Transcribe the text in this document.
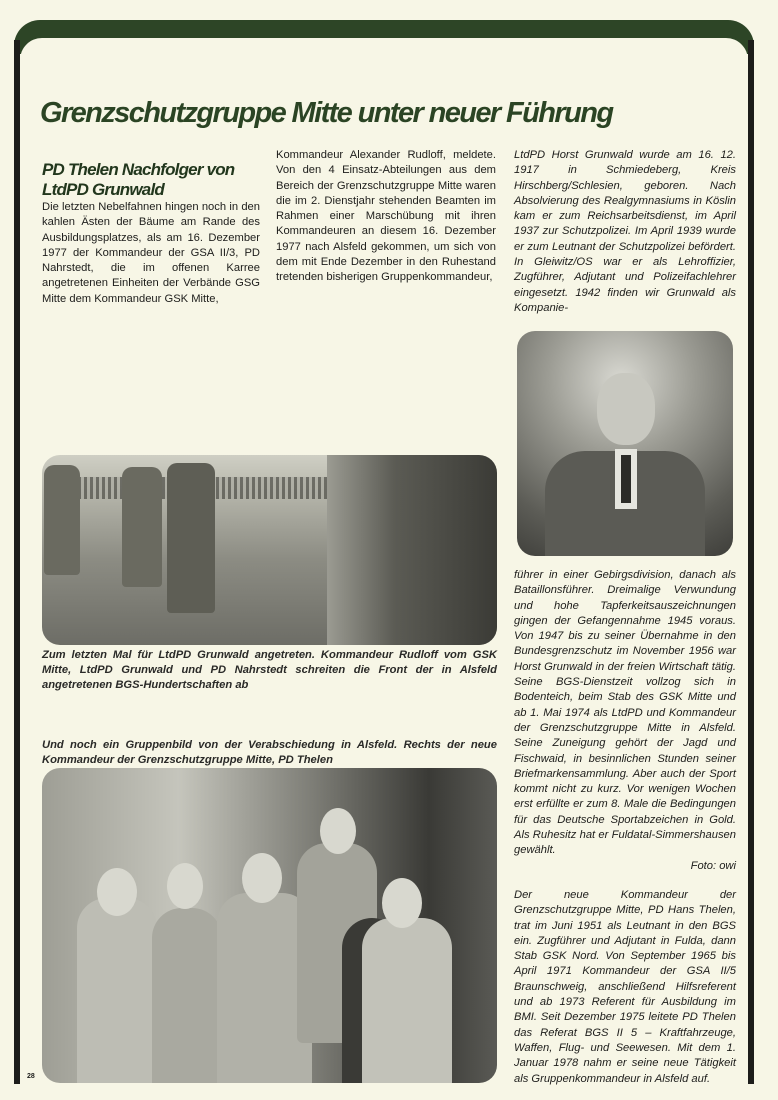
Grenzschutzgruppe Mitte unter neuer Führung
PD Thelen Nachfolger von LtdPD Grunwald
Die letzten Nebelfahnen hingen noch in den kahlen Ästen der Bäume am Rande des Ausbildungsplatzes, als am 16. Dezember 1977 der Kommandeur der GSA II/3, PD Nahrstedt, die im offenen Karree angetretenen Einheiten der Verbände GSG Mitte dem Kommandeur GSK Mitte,
Kommandeur Alexander Rudloff, meldete. Von den 4 Einsatz-Abteilungen aus dem Bereich der Grenzschutzgruppe Mitte waren die im 2. Dienstjahr stehenden Beamten im Rahmen einer Marschübung mit ihren Kommandeuren an diesem 16. Dezember 1977 nach Alsfeld gekommen, um sich von dem mit Ende Dezember in den Ruhestand tretenden bisherigen Gruppenkommandeur,
LtdPD Horst Grunwald wurde am 16. 12. 1917 in Schmiedeberg, Kreis Hirschberg/Schlesien, geboren. Nach Absolvierung des Realgymnasiums in Köslin kam er zum Reichsarbeitsdienst, im April 1937 zur Schutzpolizei. Im April 1939 wurde er zum Leutnant der Schutzpolizei befördert. In Gleiwitz/OS war er als Lehroffizier, Zugführer, Adjutant und Polizeifachlehrer eingesetzt. 1942 finden wir Grunwald als Kompanie-
führer in einer Gebirgsdivision, danach als Bataillonsführer. Dreimalige Verwundung und hohe Tapferkeitsauszeichnungen gingen der Gefangennahme 1945 voraus. Von 1947 bis zu seiner Übernahme in den Bundesgrenzschutz im November 1956 war Horst Grunwald in der freien Wirtschaft tätig. Seine BGS-Dienstzeit vollzog sich in Bodenteich, beim Stab des GSK Mitte und ab 1. Mai 1974 als LtdPD und Kommandeur der Grenzschutzgruppe Mitte in Alsfeld. Seine Zuneigung gehört der Jagd und Fischwaid, in besinnlichen Stunden seiner Briefmarkensammlung. Aber auch der Sport kommt nicht zu kurz. Vor wenigen Wochen erst erfüllte er zum 8. Male die Bedingungen für das Deutsche Sportabzeichen in Gold. Als Ruhesitz hat er Fuldatal-Simmershausen gewählt.
Foto: owi
Der neue Kommandeur der Grenzschutzgruppe Mitte, PD Hans Thelen, trat im Juni 1951 als Leutnant in den BGS ein. Zugführer und Adjutant in Fulda, dann Stab GSK Nord. Von September 1965 bis April 1971 Kommandeur der GSA II/5 Braunschweig, anschließend Hilfsreferent und ab 1973 Referent für Ausbildung im BMI. Seit Dezember 1975 leitete PD Thelen das Referat BGS II 5 – Kraftfahrzeuge, Waffen, Flug- und Seewesen. Mit dem 1. Januar 1978 nahm er seine neue Tätigkeit als Gruppenkommandeur in Alsfeld auf.
Zum letzten Mal für LtdPD Grunwald angetreten. Kommandeur Rudloff vom GSK Mitte, LtdPD Grunwald und PD Nahrstedt schreiten die Front der in Alsfeld angetretenen BGS-Hundertschaften ab
Und noch ein Gruppenbild von der Verabschiedung in Alsfeld. Rechts der neue Kommandeur der Grenzschutzgruppe Mitte, PD Thelen
28
